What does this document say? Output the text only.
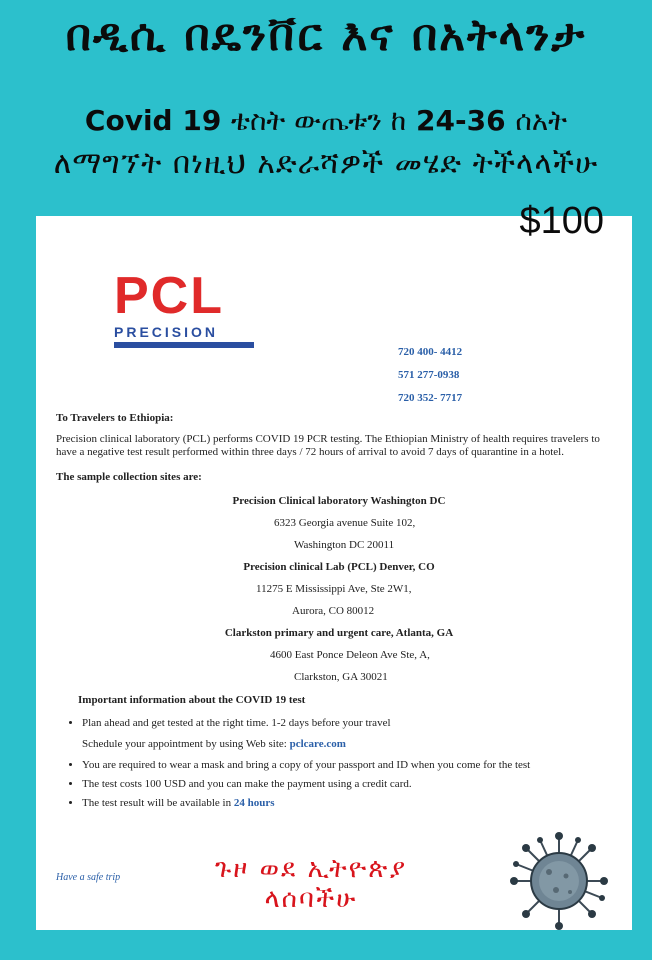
በዲሲ በዴንቨር እና በአትላንታ
Covid 19 ቴስት ውጤቱን ከ 24-36 ሰአት
ለማግኘት በነዚህ አድራሻዎች መሄድ ትችላላችሁ
PCL
PRECISION
720 400- 4412
571 277-0938
720 352- 7717
To Travelers to Ethiopia:
Precision clinical laboratory (PCL) performs COVID 19 PCR testing. The Ethiopian Ministry of health requires travelers to have a negative test result performed within three days / 72 hours of arrival to avoid 7 days of quarantine in a hotel.
The sample collection sites are:
Precision Clinical laboratory Washington DC
6323 Georgia avenue Suite 102,
Washington DC 20011
Precision clinical Lab (PCL) Denver, CO
11275 E Mississippi Ave, Ste 2W1,
Aurora, CO 80012
Clarkston primary and urgent care, Atlanta, GA
4600 East Ponce Deleon Ave Ste, A,
Clarkston, GA 30021
Important information about the COVID 19 test
• Plan ahead and get tested at the right time. 1-2 days before your travel
Schedule your appointment by using Web site: pclcare.com
• You are required to wear a mask and bring a copy of your passport and ID when you come for the test
• The test costs 100 USD and you can make the payment using a credit card.
• The test result will be available in 24 hours
Have a safe trip	ጉዞ ወደ ኢትዮጵያ
ላሰባችሁ
$100
